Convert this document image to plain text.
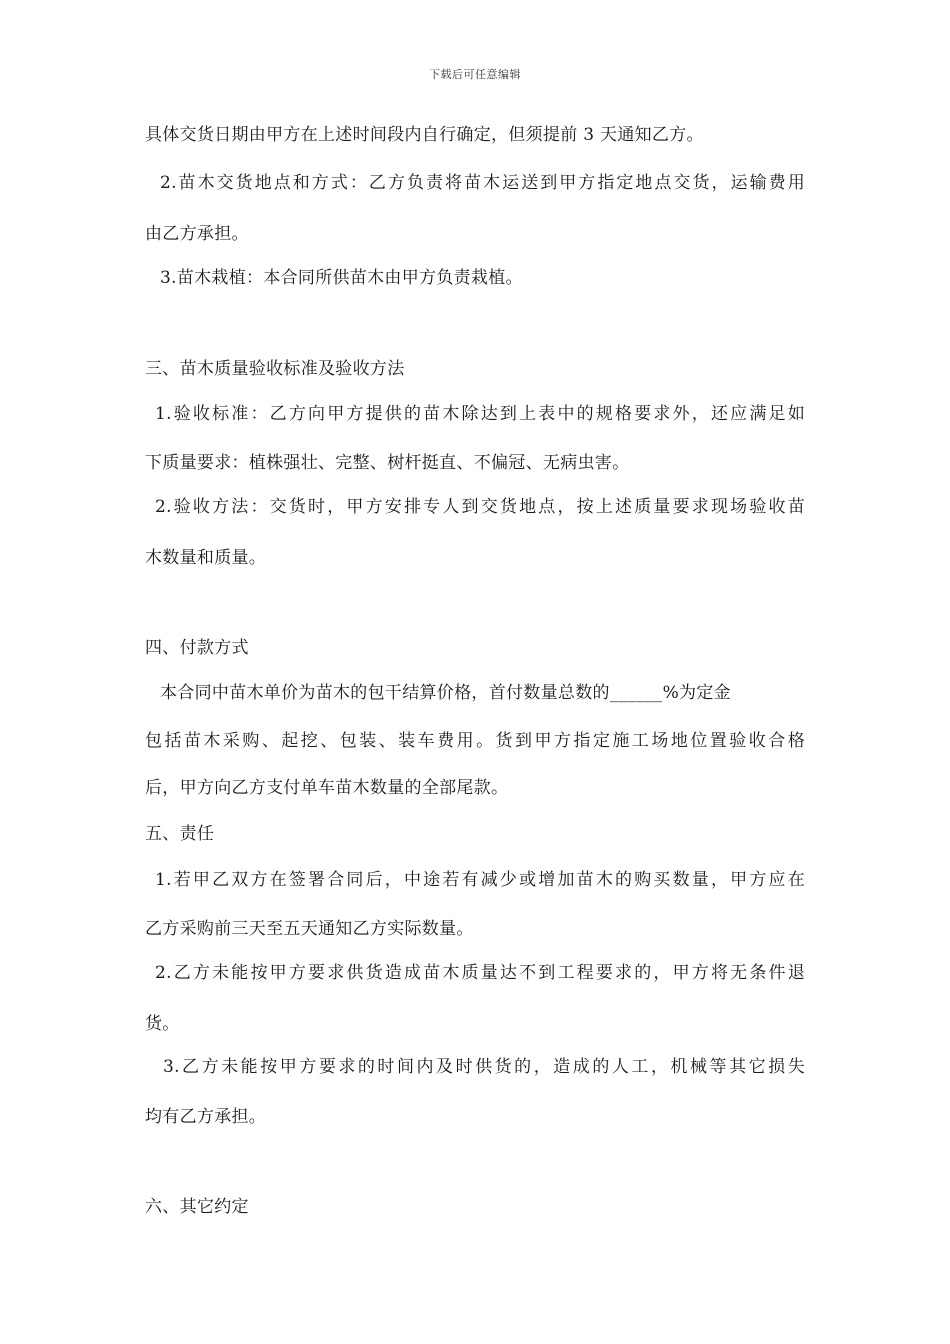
下载后可任意编辑
具体交货日期由甲方在上述时间段内自行确定，但须提前 3 天通知乙方。
2.苗木交货地点和方式：乙方负责将苗木运送到甲方指定地点交货，运输费用
由乙方承担。
3.苗木栽植：本合同所供苗木由甲方负责栽植。
三、苗木质量验收标准及验收方法
1.验收标准：乙方向甲方提供的苗木除达到上表中的规格要求外，还应满足如
下质量要求：植株强壮、完整、树杆挺直、不偏冠、无病虫害。
2.验收方法：交货时，甲方安排专人到交货地点，按上述质量要求现场验收苗
木数量和质量。
四、付款方式
本合同中苗木单价为苗木的包干结算价格，首付数量总数的______%为定金
包括苗木采购、起挖、包装、装车费用。货到甲方指定施工场地位置验收合格
后，甲方向乙方支付单车苗木数量的全部尾款。
五、责任
1.若甲乙双方在签署合同后，中途若有减少或增加苗木的购买数量，甲方应在
乙方采购前三天至五天通知乙方实际数量。
2.乙方未能按甲方要求供货造成苗木质量达不到工程要求的，甲方将无条件退
货。
3.乙方未能按甲方要求的时间内及时供货的，造成的人工，机械等其它损失
均有乙方承担。
六、其它约定
